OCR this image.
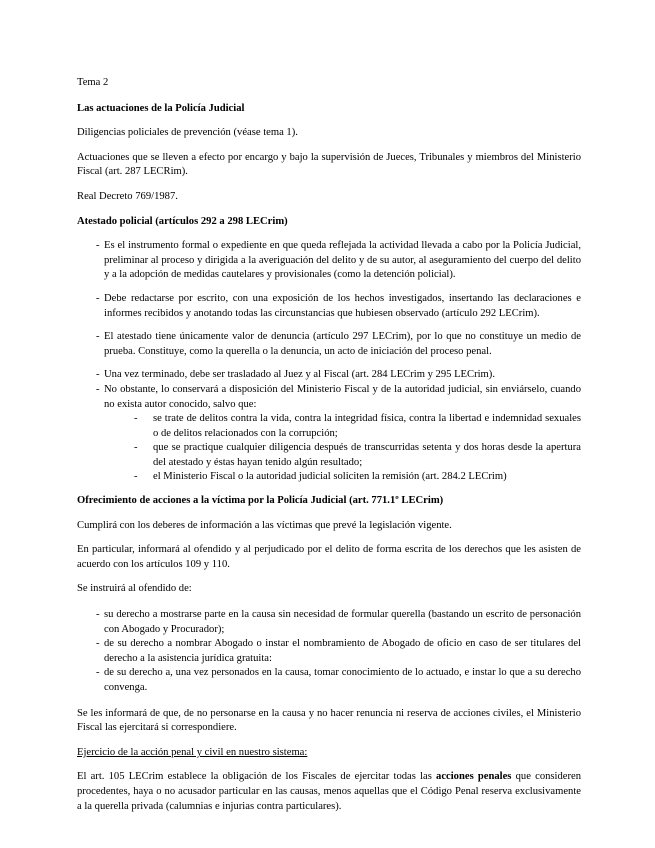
Tema 2

Las actuaciones de la Policía Judicial

Diligencias policiales de prevención (véase tema 1).

Actuaciones que se lleven a efecto por encargo y bajo la supervisión de Jueces, Tribunales y miembros del Ministerio Fiscal (art. 287 LECRim).

Real Decreto 769/1987.

Atestado policial (artículos 292 a 298 LECrim)

- Es el instrumento formal o expediente en que queda reflejada la actividad llevada a cabo por la Policía Judicial, preliminar al proceso y dirigida a la averiguación del delito y de su autor, al aseguramiento del cuerpo del delito y a la adopción de medidas cautelares y provisionales (como la detención policial).
- Debe redactarse por escrito, con una exposición de los hechos investigados, insertando las declaraciones e informes recibidos y anotando todas las circunstancias que hubiesen observado (artículo 292 LECrim).
- El atestado tiene únicamente valor de denuncia (artículo 297 LECrim), por lo que no constituye un medio de prueba. Constituye, como la querella o la denuncia, un acto de iniciación del proceso penal.
- Una vez terminado, debe ser trasladado al Juez y al Fiscal (art. 284 LECrim y 295 LECrim).
- No obstante, lo conservará a disposición del Ministerio Fiscal y de la autoridad judicial, sin enviárselo, cuando no exista autor conocido, salvo que:
- se trate de delitos contra la vida, contra la integridad física, contra la libertad e indemnidad sexuales o de delitos relacionados con la corrupción;
- que se practique cualquier diligencia después de transcurridas setenta y dos horas desde la apertura del atestado y éstas hayan tenido algún resultado;
- el Ministerio Fiscal o la autoridad judicial soliciten la remisión (art. 284.2 LECrim)

Ofrecimiento de acciones a la víctima por la Policía Judicial (art. 771.1º LECrim)

Cumplirá con los deberes de información a las víctimas que prevé la legislación vigente.

En particular, informará al ofendido y al perjudicado por el delito de forma escrita de los derechos que les asisten de acuerdo con los artículos 109 y 110.

Se instruirá al ofendido de:

- su derecho a mostrarse parte en la causa sin necesidad de formular querella (bastando un escrito de personación con Abogado y Procurador);
- de su derecho a nombrar Abogado o instar el nombramiento de Abogado de oficio en caso de ser titulares del derecho a la asistencia jurídica gratuita:
- de su derecho a, una vez personados en la causa, tomar conocimiento de lo actuado, e instar lo que a su derecho convenga.

Se les informará de que, de no personarse en la causa y no hacer renuncia ni reserva de acciones civiles, el Ministerio Fiscal las ejercitará si correspondiere.

Ejercicio de la acción penal y civil en nuestro sistema:

El art. 105 LECrim establece la obligación de los Fiscales de ejercitar todas las acciones penales que consideren procedentes, haya o no acusador particular en las causas, menos aquellas que el Código Penal reserva exclusivamente a la querella privada (calumnias e injurias contra particulares).
